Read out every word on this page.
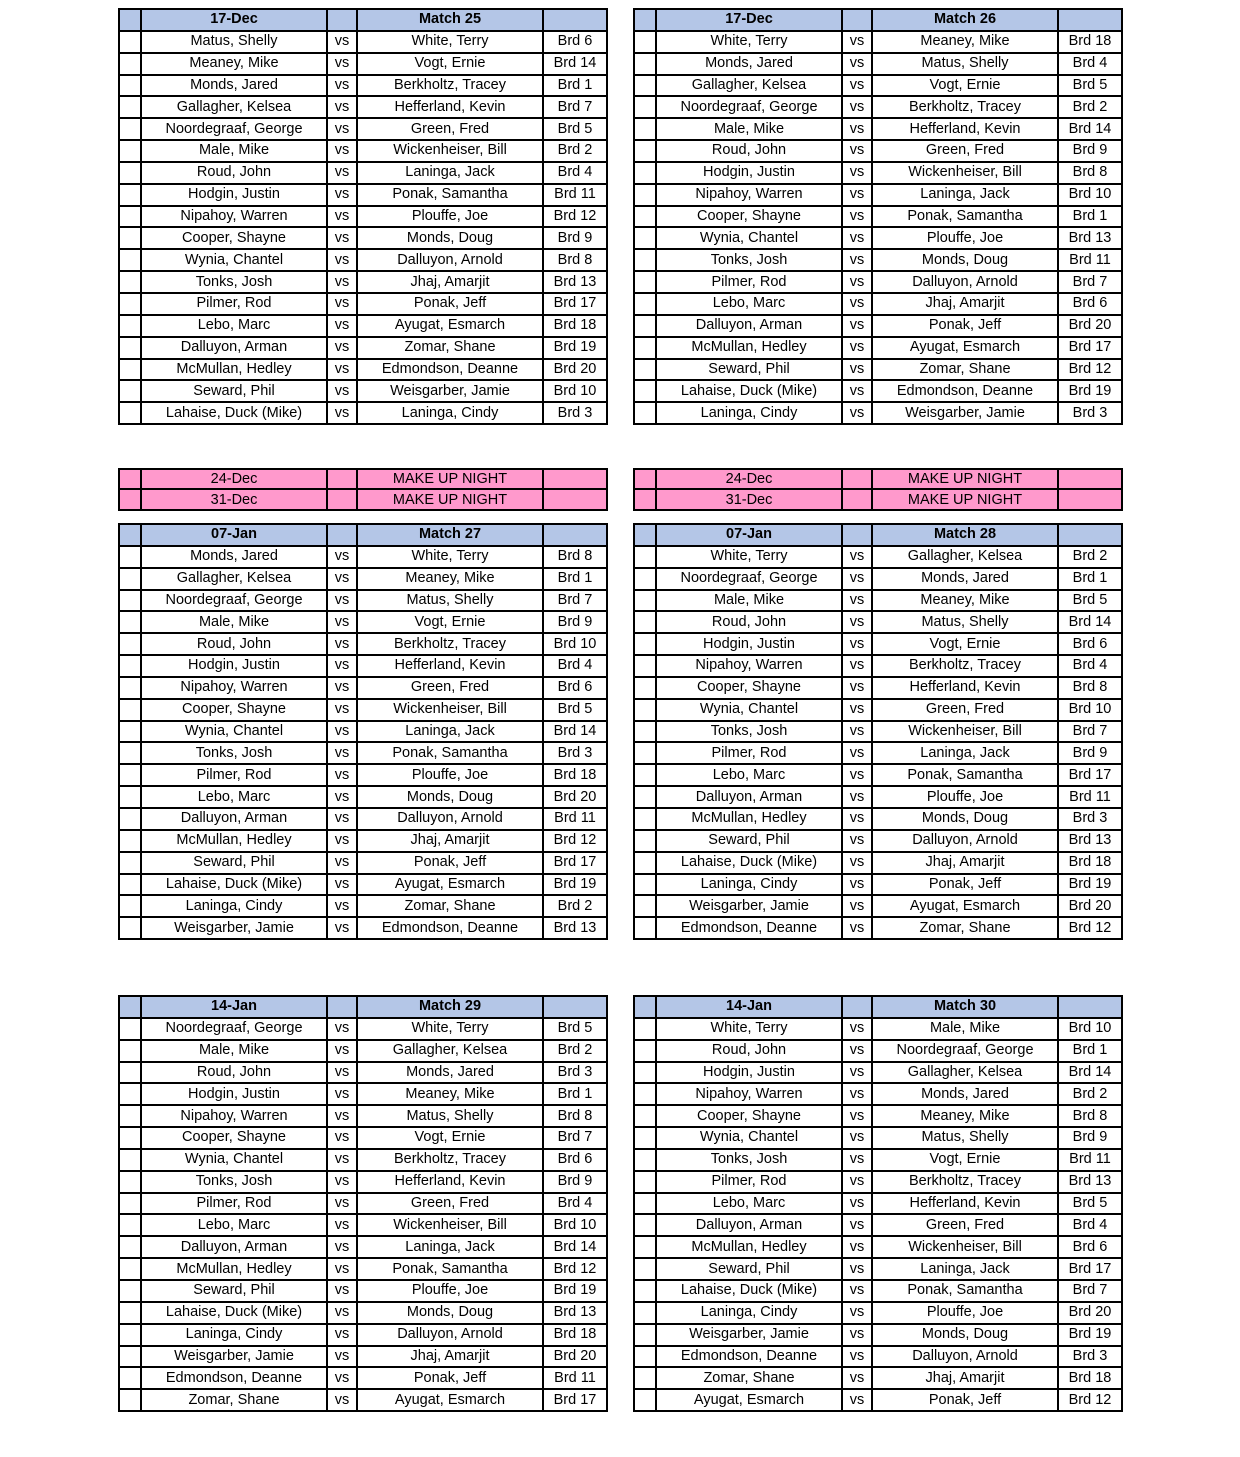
	17-Dec		Match 25	
	Matus, Shelly	vs	White, Terry	Brd 6
	Meaney, Mike	vs	Vogt, Ernie	Brd 14
	Monds, Jared	vs	Berkholtz, Tracey	Brd 1
	Gallagher, Kelsea	vs	Hefferland, Kevin	Brd 7
	Noordegraaf, George	vs	Green, Fred	Brd 5
	Male, Mike	vs	Wickenheiser, Bill	Brd 2
	Roud, John	vs	Laninga, Jack	Brd 4
	Hodgin, Justin	vs	Ponak, Samantha	Brd 11
	Nipahoy, Warren	vs	Plouffe, Joe	Brd 12
	Cooper, Shayne	vs	Monds, Doug	Brd 9
	Wynia, Chantel	vs	Dalluyon, Arnold	Brd 8
	Tonks, Josh	vs	Jhaj, Amarjit	Brd 13
	Pilmer, Rod	vs	Ponak, Jeff	Brd 17
	Lebo, Marc	vs	Ayugat, Esmarch	Brd 18
	Dalluyon, Arman	vs	Zomar, Shane	Brd 19
	McMullan, Hedley	vs	Edmondson, Deanne	Brd 20
	Seward, Phil	vs	Weisgarber, Jamie	Brd 10
	Lahaise, Duck (Mike)	vs	Laninga, Cindy	Brd 3
	17-Dec		Match 26	
	White, Terry	vs	Meaney, Mike	Brd 18
	Monds, Jared	vs	Matus, Shelly	Brd 4
	Gallagher, Kelsea	vs	Vogt, Ernie	Brd 5
	Noordegraaf, George	vs	Berkholtz, Tracey	Brd 2
	Male, Mike	vs	Hefferland, Kevin	Brd 14
	Roud, John	vs	Green, Fred	Brd 9
	Hodgin, Justin	vs	Wickenheiser, Bill	Brd 8
	Nipahoy, Warren	vs	Laninga, Jack	Brd 10
	Cooper, Shayne	vs	Ponak, Samantha	Brd 1
	Wynia, Chantel	vs	Plouffe, Joe	Brd 13
	Tonks, Josh	vs	Monds, Doug	Brd 11
	Pilmer, Rod	vs	Dalluyon, Arnold	Brd 7
	Lebo, Marc	vs	Jhaj, Amarjit	Brd 6
	Dalluyon, Arman	vs	Ponak, Jeff	Brd 20
	McMullan, Hedley	vs	Ayugat, Esmarch	Brd 17
	Seward, Phil	vs	Zomar, Shane	Brd 12
	Lahaise, Duck (Mike)	vs	Edmondson, Deanne	Brd 19
	Laninga, Cindy	vs	Weisgarber, Jamie	Brd 3
	24-Dec		MAKE UP NIGHT	
	31-Dec		MAKE UP NIGHT	
	24-Dec		MAKE UP NIGHT	
	31-Dec		MAKE UP NIGHT	
	07-Jan		Match 27	
	Monds, Jared	vs	White, Terry	Brd 8
	Gallagher, Kelsea	vs	Meaney, Mike	Brd 1
	Noordegraaf, George	vs	Matus, Shelly	Brd 7
	Male, Mike	vs	Vogt, Ernie	Brd 9
	Roud, John	vs	Berkholtz, Tracey	Brd 10
	Hodgin, Justin	vs	Hefferland, Kevin	Brd 4
	Nipahoy, Warren	vs	Green, Fred	Brd 6
	Cooper, Shayne	vs	Wickenheiser, Bill	Brd 5
	Wynia, Chantel	vs	Laninga, Jack	Brd 14
	Tonks, Josh	vs	Ponak, Samantha	Brd 3
	Pilmer, Rod	vs	Plouffe, Joe	Brd 18
	Lebo, Marc	vs	Monds, Doug	Brd 20
	Dalluyon, Arman	vs	Dalluyon, Arnold	Brd 11
	McMullan, Hedley	vs	Jhaj, Amarjit	Brd 12
	Seward, Phil	vs	Ponak, Jeff	Brd 17
	Lahaise, Duck (Mike)	vs	Ayugat, Esmarch	Brd 19
	Laninga, Cindy	vs	Zomar, Shane	Brd 2
	Weisgarber, Jamie	vs	Edmondson, Deanne	Brd 13
	07-Jan		Match 28	
	White, Terry	vs	Gallagher, Kelsea	Brd 2
	Noordegraaf, George	vs	Monds, Jared	Brd 1
	Male, Mike	vs	Meaney, Mike	Brd 5
	Roud, John	vs	Matus, Shelly	Brd 14
	Hodgin, Justin	vs	Vogt, Ernie	Brd 6
	Nipahoy, Warren	vs	Berkholtz, Tracey	Brd 4
	Cooper, Shayne	vs	Hefferland, Kevin	Brd 8
	Wynia, Chantel	vs	Green, Fred	Brd 10
	Tonks, Josh	vs	Wickenheiser, Bill	Brd 7
	Pilmer, Rod	vs	Laninga, Jack	Brd 9
	Lebo, Marc	vs	Ponak, Samantha	Brd 17
	Dalluyon, Arman	vs	Plouffe, Joe	Brd 11
	McMullan, Hedley	vs	Monds, Doug	Brd 3
	Seward, Phil	vs	Dalluyon, Arnold	Brd 13
	Lahaise, Duck (Mike)	vs	Jhaj, Amarjit	Brd 18
	Laninga, Cindy	vs	Ponak, Jeff	Brd 19
	Weisgarber, Jamie	vs	Ayugat, Esmarch	Brd 20
	Edmondson, Deanne	vs	Zomar, Shane	Brd 12
	14-Jan		Match 29	
	Noordegraaf, George	vs	White, Terry	Brd 5
	Male, Mike	vs	Gallagher, Kelsea	Brd 2
	Roud, John	vs	Monds, Jared	Brd 3
	Hodgin, Justin	vs	Meaney, Mike	Brd 1
	Nipahoy, Warren	vs	Matus, Shelly	Brd 8
	Cooper, Shayne	vs	Vogt, Ernie	Brd 7
	Wynia, Chantel	vs	Berkholtz, Tracey	Brd 6
	Tonks, Josh	vs	Hefferland, Kevin	Brd 9
	Pilmer, Rod	vs	Green, Fred	Brd 4
	Lebo, Marc	vs	Wickenheiser, Bill	Brd 10
	Dalluyon, Arman	vs	Laninga, Jack	Brd 14
	McMullan, Hedley	vs	Ponak, Samantha	Brd 12
	Seward, Phil	vs	Plouffe, Joe	Brd 19
	Lahaise, Duck (Mike)	vs	Monds, Doug	Brd 13
	Laninga, Cindy	vs	Dalluyon, Arnold	Brd 18
	Weisgarber, Jamie	vs	Jhaj, Amarjit	Brd 20
	Edmondson, Deanne	vs	Ponak, Jeff	Brd 11
	Zomar, Shane	vs	Ayugat, Esmarch	Brd 17
	14-Jan		Match 30	
	White, Terry	vs	Male, Mike	Brd 10
	Roud, John	vs	Noordegraaf, George	Brd 1
	Hodgin, Justin	vs	Gallagher, Kelsea	Brd 14
	Nipahoy, Warren	vs	Monds, Jared	Brd 2
	Cooper, Shayne	vs	Meaney, Mike	Brd 8
	Wynia, Chantel	vs	Matus, Shelly	Brd 9
	Tonks, Josh	vs	Vogt, Ernie	Brd 11
	Pilmer, Rod	vs	Berkholtz, Tracey	Brd 13
	Lebo, Marc	vs	Hefferland, Kevin	Brd 5
	Dalluyon, Arman	vs	Green, Fred	Brd 4
	McMullan, Hedley	vs	Wickenheiser, Bill	Brd 6
	Seward, Phil	vs	Laninga, Jack	Brd 17
	Lahaise, Duck (Mike)	vs	Ponak, Samantha	Brd 7
	Laninga, Cindy	vs	Plouffe, Joe	Brd 20
	Weisgarber, Jamie	vs	Monds, Doug	Brd 19
	Edmondson, Deanne	vs	Dalluyon, Arnold	Brd 3
	Zomar, Shane	vs	Jhaj, Amarjit	Brd 18
	Ayugat, Esmarch	vs	Ponak, Jeff	Brd 12
